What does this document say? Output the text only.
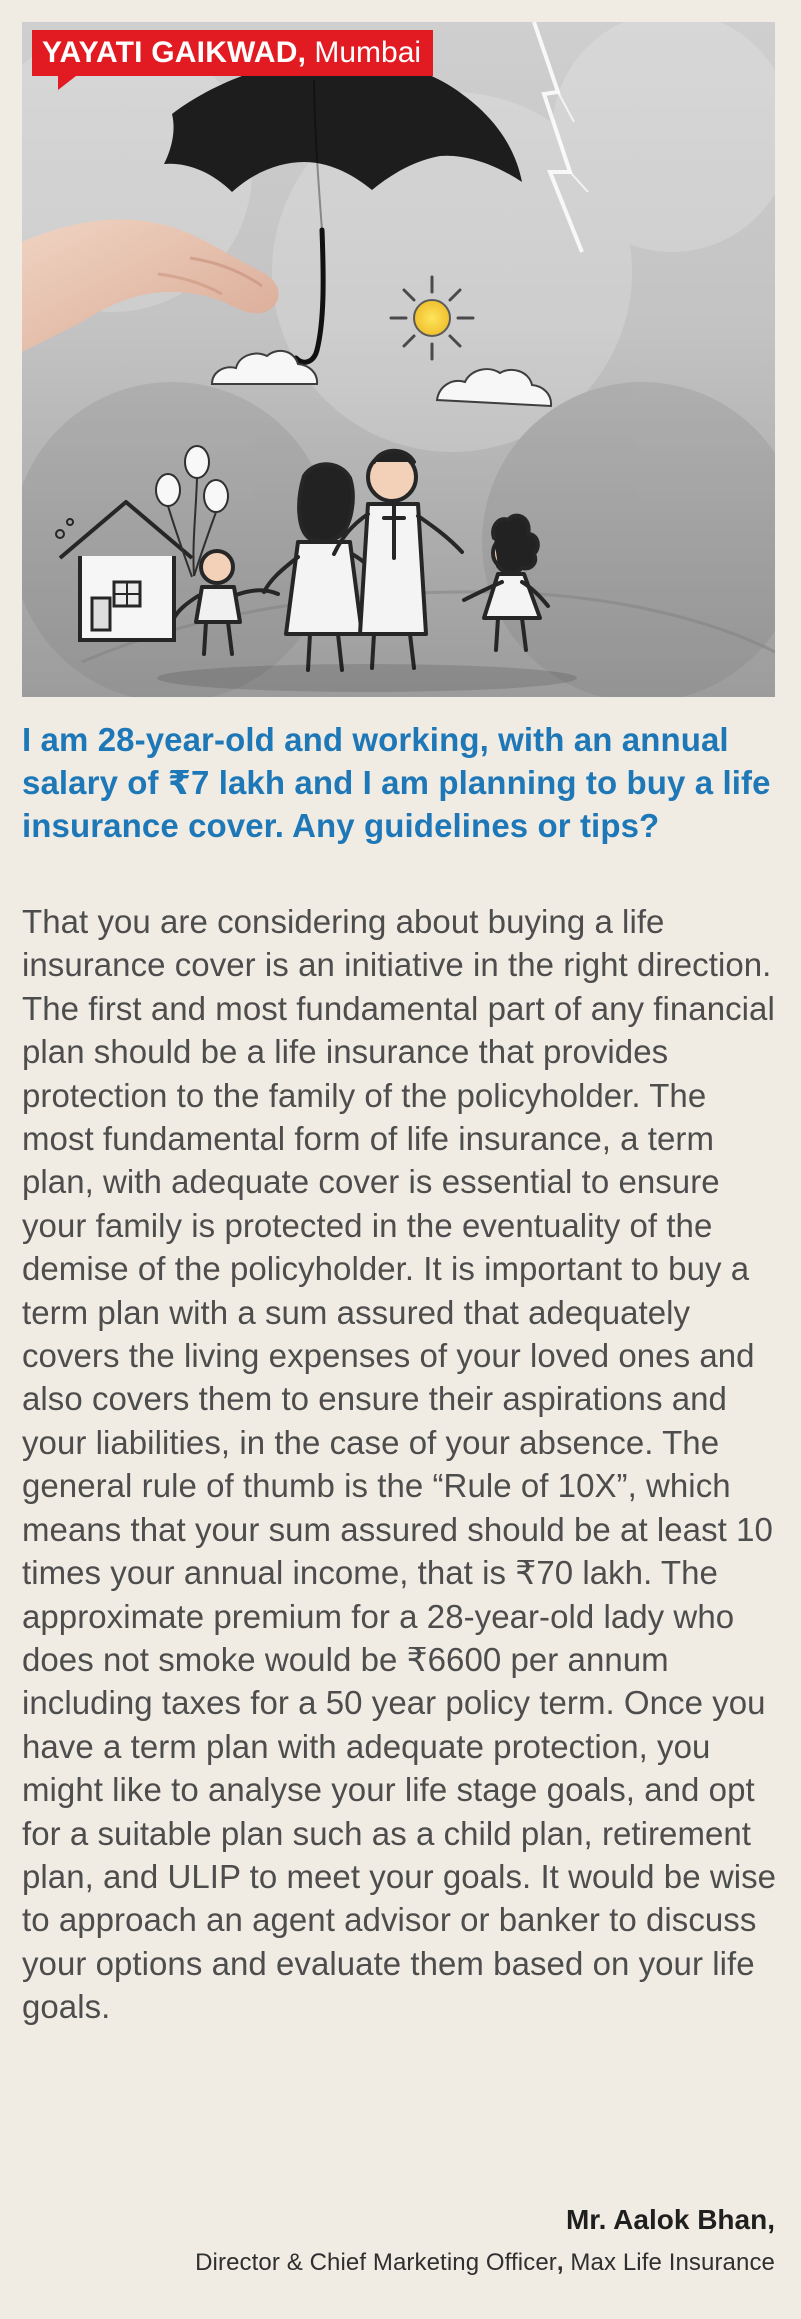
YAYATI GAIKWAD, Mumbai
I am 28-year-old and working, with an annual salary of ₹7 lakh and I am planning to buy a life insurance cover. Any guidelines or tips?

That you are considering about buying a life insurance cover is an initiative in the right direction. The first and most fundamental part of any financial plan should be a life insurance that provides protection to the family of the policyholder. The most fundamental form of life insurance, a term plan, with adequate cover is essential to ensure your family is protected in the eventuality of the demise of the policyholder. It is important to buy a term plan with a sum assured that adequately covers the living expenses of your loved ones and also covers them to ensure their aspirations and your liabilities, in the case of your absence. The general rule of thumb is the “Rule of 10X”, which means that your sum assured should be at least 10 times your annual income, that is ₹70 lakh. The approximate premium for a 28-year-old lady who does not smoke would be ₹6600 per annum including taxes for a 50 year policy term. Once you have a term plan with adequate protection, you might like to analyse your life stage goals, and opt for a suitable plan such as a child plan, retirement plan, and ULIP to meet your goals. It would be wise to approach an agent advisor or banker to discuss your options and evaluate them based on your life goals.

Mr. Aalok Bhan,
Director & Chief Marketing Officer, Max Life Insurance
